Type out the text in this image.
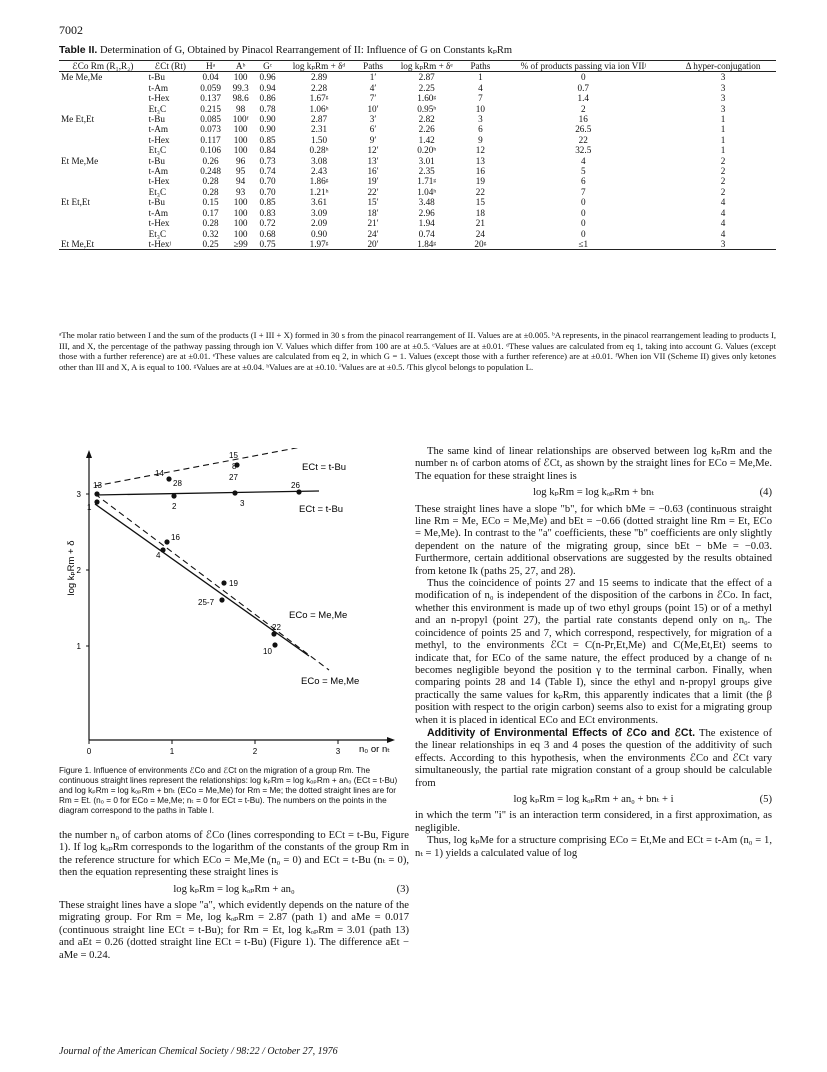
7002
Table II. Determination of G, Obtained by Pinacol Rearrangement of II: Influence of G on Constants kₚRm
ℰCo Rm (R₁,R₂)	ℰCt (Rt)	Hᵃ	Aᵇ	Gᶜ	log kₚRm + δᵈ	Paths	log kₚRm + δᵉ	Paths	% of products passing via ion VIIʲ	Δ hyper-conjugation
Me Me,Me	t-Bu	0.04	100	0.96	2.89	1′	2.87	1	0	3
	t-Am	0.059	99.3	0.94	2.28	4′	2.25	4	0.7	3
	t-Hex	0.137	98.6	0.86	1.67ᵍ	7′	1.60ᵍ	7	1.4	3
	Et₃C	0.215	98	0.78	1.06ʰ	10′	0.95ʰ	10	2	3
Me Et,Et	t-Bu	0.085	100ᶠ	0.90	2.87	3′	2.82	3	16	1
	t-Am	0.073	100	0.90	2.31	6′	2.26	6	26.5	1
	t-Hex	0.117	100	0.85	1.50	9′	1.42	9	22	1
	Et₃C	0.106	100	0.84	0.28ʰ	12′	0.20ʰ	12	32.5	1
Et Me,Me	t-Bu	0.26	96	0.73	3.08	13′	3.01	13	4	2
	t-Am	0.248	95	0.74	2.43	16′	2.35	16	5	2
	t-Hex	0.28	94	0.70	1.86ᵍ	19′	1.71ᵍ	19	6	2
	Et₃C	0.28	93	0.70	1.21ʰ	22′	1.04ʰ	22	7	2
Et Et,Et	t-Bu	0.15	100	0.85	3.61	15′	3.48	15	0	4
	t-Am	0.17	100	0.83	3.09	18′	2.96	18	0	4
	t-Hex	0.28	100	0.72	2.09	21′	1.94	21	0	4
	Et₃C	0.32	100	0.68	0.90	24′	0.74	24	0	4
Et Me,Et	t-Hexʲ	0.25	≥99	0.75	1.97ᵍ	20′	1.84ᵍ	20ᵍ	≤1	3
ᵃThe molar ratio between I and the sum of the products (I + III + X) formed in 30 s from the pinacol rearrangement of II. Values are at ±0.005. ᵇA represents, in the pinacol rearrangement leading to products I, III, and X, the percentage of the pathway passing through ion V. Values which differ from 100 are at ±0.5. ᶜValues are at ±0.01. ᵈThese values are calculated from eq 1, taking into account G. Values (except those with a further reference) are at ±0.01. ᵉThese values are calculated from eq 2, in which G = 1. Values (except those with a further reference) are at ±0.01. ᶠWhen ion VII (Scheme II) gives only ketones other than III and X, A is equal to 100. ᵍValues are at ±0.04. ʰValues are at ±0.10. ⁱValues are at ±0.5. ʲThis glycol belongs to population L.
0	1	2	3
1
2
3
log kₚRm + δ
n₀ or nₜ
15
8
27
14
28
13	26
2	3
1
16
4
19
25-7
22
10
ECt = t-Bu
ECt = t-Bu
ECo = Me,Me
ECo = Me,Me
Figure 1. Influence of environments ℰCo and ℰCt on the migration of a group Rm. The continuous straight lines represent the relationships: log kₚRm = log kₒₚRm + an₀ (ECt = t-Bu) and log kₚRm = log kₒₚRm + bnₜ (ECo = Me,Me) for Rm = Me; the dotted straight lines are for Rm = Et. (n₀ = 0 for ECo = Me,Me; nₜ = 0 for ECt = t-Bu). The numbers on the points in the diagram correspond to the paths in Table I.

the number n₀ of carbon atoms of ℰCo (lines corresponding to ECt = t-Bu, Figure 1). If log kₒₚRm corresponds to the logarithm of the constants of the group Rm in the reference structure for which ECo = Me,Me (n₀ = 0) and ECt = t-Bu (nₜ = 0), then the equation representing these straight lines is

log kₚRm = log kₒₚRm + an₀	(3)

These straight lines have a slope "a", which evidently depends on the nature of the migrating group. For Rm = Me, log kₒₚRm = 2.87 (path 1) and aMe = 0.017 (continuous straight line ECt = t-Bu); for Rm = Et, log kₒₚRm = 3.01 (path 13) and aEt = 0.26 (dotted straight line ECt = t-Bu) (Figure 1). The difference aEt − aMe = 0.24.

The same kind of linear relationships are observed between log kₚRm and the number nₜ of carbon atoms of ℰCt, as shown by the straight lines for ECo = Me,Me. The equation for these straight lines is

log kₚRm = log kₒₚRm + bnₜ	(4)

These straight lines have a slope "b", for which bMe = −0.63 (continuous straight line Rm = Me, ECo = Me,Me) and bEt = −0.66 (dotted straight line Rm = Et, ECo = Me,Me). In contrast to the "a" coefficients, these "b" coefficients are only slightly dependent on the nature of the migrating group, since bEt − bMe = −0.03. Furthermore, certain additional observations are suggested by the results obtained from ketone Ik (paths 25, 27, and 28).

Thus the coincidence of points 27 and 15 seems to indicate that the effect of a modification of n₀ is independent of the disposition of the carbons in ℰCo. In fact, whether this environment is made up of two ethyl groups (point 15) or of a methyl and an n-propyl (point 27), the partial rate constants depend only on n₀. The coincidence of points 25 and 7, which correspond, respectively, for migration of a methyl, to the environments ℰCt = C(n-Pr,Et,Me) and C(Me,Et,Et) seems to indicate that, for ECo of the same nature, the effect produced by a change of nₜ becomes negligible beyond the position γ to the terminal carbon. Finally, when comparing points 28 and 14 (Table I), since the ethyl and n-propyl groups give practically the same values for kₚRm, this apparently indicates that a limit (the β position with respect to the origin carbon) seems also to exist for a migrating group when it is placed in identical ECo and ECt environments.

Additivity of Environmental Effects of ℰCo and ℰCt. The existence of the linear relationships in eq 3 and 4 poses the question of the additivity of such effects. According to this hypothesis, when the environments ℰCo and ℰCt vary simultaneously, the partial rate migration constant of a group should be calculable from

log kₚRm = log kₒₚRm + an₀ + bnₜ + i	(5)

in which the term "i" is an interaction term considered, in a first approximation, as negligible.

Thus, log kₚMe for a structure comprising ECo = Et,Me and ECt = t-Am (n₀ = 1, nₜ = 1) yields a calculated value of log

Journal of the American Chemical Society / 98:22 / October 27, 1976
